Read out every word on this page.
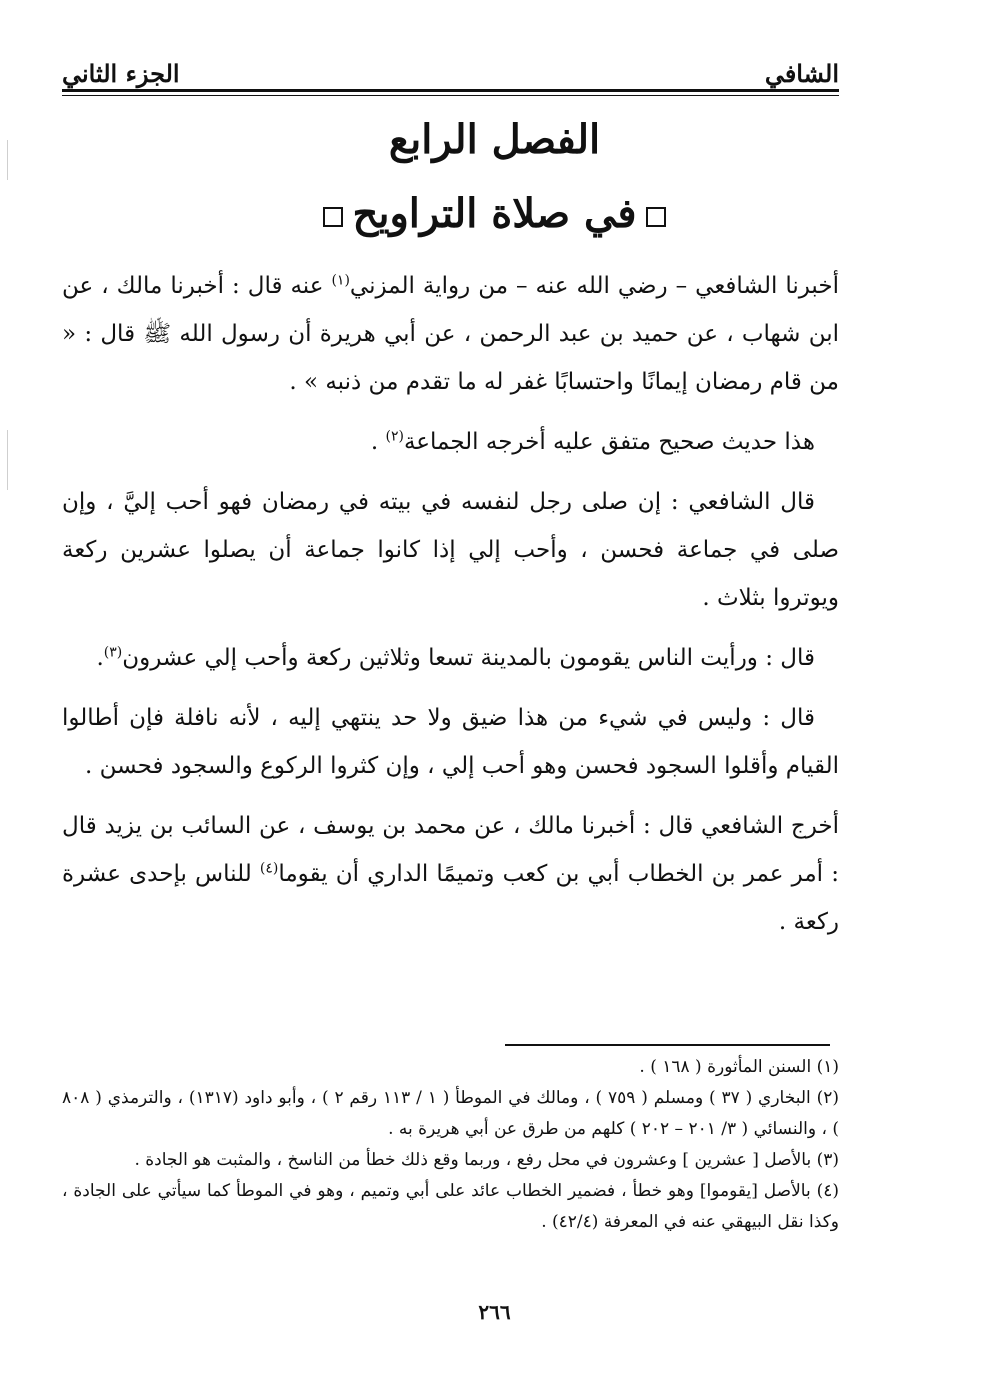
الشافي
الجزء الثاني
الفصل الرابع
في صلاة التراويح

أخبرنا الشافعي – رضي الله عنه – من رواية المزني$^{(١)}$ عنه قال : أخبرنا مالك ، عن ابن شهاب ، عن حميد بن عبد الرحمن ، عن أبي هريرة أن رسول الله ﷺ قال : « من قام رمضان إيمانًا واحتسابًا غفر له ما تقدم من ذنبه » .

هذا حديث صحيح متفق عليه أخرجه الجماعة$^{(٢)}$ .

قال الشافعي : إن صلى رجل لنفسه في بيته في رمضان فهو أحب إليَّ ، وإن صلى في جماعة فحسن ، وأحب إلي إذا كانوا جماعة أن يصلوا عشرين ركعة ويوتروا بثلاث .

قال : ورأيت الناس يقومون بالمدينة تسعا وثلاثين ركعة وأحب إلي عشرون$^{(٣)}$.

قال : وليس في شيء من هذا ضيق ولا حد ينتهي إليه ، لأنه نافلة فإن أطالوا القيام وأقلوا السجود فحسن وهو أحب إلي ، وإن كثروا الركوع والسجود فحسن .

أخرج الشافعي قال : أخبرنا مالك ، عن محمد بن يوسف ، عن السائب بن يزيد قال : أمر عمر بن الخطاب أبي بن كعب وتميمًا الداري أن يقوما$^{(٤)}$ للناس بإحدى عشرة ركعة .

(١) السنن المأثورة ( ١٦٨ ) .

(٢) البخاري ( ٣٧ ) ومسلم ( ٧٥٩ ) ، ومالك في الموطأ ( ١ / ١١٣ رقم ٢ ) ، وأبو داود (١٣١٧) ، والترمذي ( ٨٠٨ ) ، والنسائي ( ٣/ ٢٠١ – ٢٠٢ ) كلهم من طرق عن أبي هريرة به .

(٣) بالأصل [ عشرين ] وعشرون في محل رفع ، وربما وقع ذلك خطأ من الناسخ ، والمثبت هو الجادة .

(٤) بالأصل [يقوموا] وهو خطأ ، فضمير الخطاب عائد على أبي وتميم ، وهو في الموطأ كما سيأتي على الجادة ، وكذا نقل البيهقي عنه في المعرفة (٤٢/٤) .

٢٦٦
